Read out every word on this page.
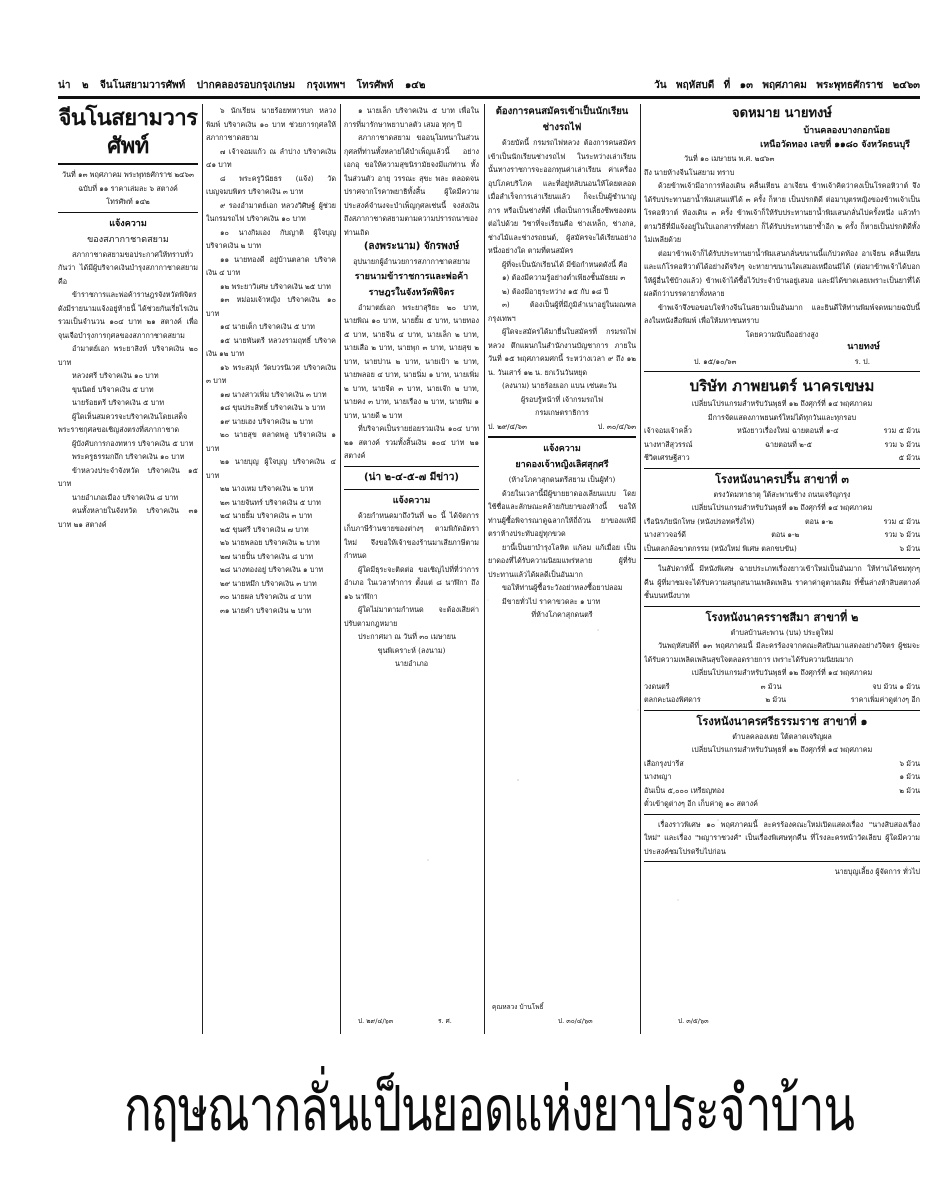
น่า ๒ จีนโนสยามวารศัพท์ ปากคลองรอบกรุงเกษม กรุงเทพฯ โทรศัพท์ ๑๔๒	วัน พฤหัสบดี ที่ ๑๓ พฤศภาคม พระพุทธศักราช ๒๔๖๓
จีนโนสยามวารศัพท์

วันที่ ๑๓ พฤศภาคม พระพุทธศักราช ๒๔๖๓

ฉบับที่ ๑๑ ราคาเล่มละ ๖ สตางค์

โทรศัพท์ ๑๔๒

แจ้งความ
ของสภากาชาดสยาม

สภากาชาดสยามขอประกาศให้ทราบทั่วกันว่า ได้มีผู้บริจาคเงินบำรุงสภากาชาดสยาม คือ

ข้าราชการและพ่อค้าราษฎรจังหวัดพิจิตร ดังมีรายนามแจ้งอยู่ท้ายนี้ ได้ช่วยกันเรี่ยไรเงินรวมเป็นจำนวน ๑๐๔ บาท ๒๑ สตางค์ เพื่อจุนเจือบำรุงการกุศลของสภากาชาดสยาม

อำมาตย์เอก พระยาสิงห์ บริจาคเงิน ๒๐ บาท

หลวงศรี บริจาคเงิน ๑๐ บาท

ขุนนิตย์ บริจาคเงิน ๕ บาท

นายร้อยตรี บริจาคเงิน ๕ บาท

ผู้ใดเห็นสมควรจะบริจาคเงินโดยเสด็จพระราชกุศลขอเชิญส่งตรงที่สภากาชาด

ผู้บังคับการกองทหาร บริจาคเงิน ๕ บาท

พระครูธรรมกถึก บริจาคเงิน ๑๐ บาท

ข้าหลวงประจำจังหวัด บริจาคเงิน ๑๕ บาท

นายอำเภอเมือง บริจาคเงิน ๘ บาท

คนทั้งหลายในจังหวัด บริจาคเงิน ๓๑ บาท ๒๑ สตางค์

๖ นักเรียน นายร้อยทหารบก หลวงพิมพ์ บริจาคเงิน ๑๐ บาท ช่วยการกุศลให้สภากาชาดสยาม

๗ เจ้าจอมแก้ว ณ ลำปาง บริจาคเงิน ๔๑ บาท

๘ พระครูวินัยธร (แจ้ง) วัดเบญจมบพิตร บริจาคเงิน ๓ บาท

๙ รองอำมาตย์เอก หลวงวิศิษฐ์ ผู้ช่วยในกรมรถไฟ บริจาคเงิน ๑๐ บาท

๑๐ นางกิมเอง กับญาติ ผู้ใจบุญ บริจาคเงิน ๒ บาท

๑๑ นายทองดี อยู่บ้านตลาด บริจาคเงิน ๔ บาท

๑๒ พระยาวิเศษ บริจาคเงิน ๒๕ บาท

๑๓ หม่อมเจ้าหญิง บริจาคเงิน ๑๐ บาท

๑๔ นายเต็ก บริจาคเงิน ๕ บาท

๑๕ นายพันตรี หลวงรามฤทธิ์ บริจาคเงิน ๑๒ บาท

๑๖ พระสมุห์ วัดบวรนิเวศ บริจาคเงิน ๓ บาท

๑๗ นางสาวเพิ่ม บริจาคเงิน ๓ บาท

๑๘ ขุนประสิทธิ์ บริจาคเงิน ๖ บาท

๑๙ นายเฮง บริจาคเงิน ๒ บาท

๒๐ นายสุข ตลาดพลู บริจาคเงิน ๑ บาท

๒๑ นายบุญ ผู้ใจบุญ บริจาคเงิน ๔ บาท

๒๒ นางเหม บริจาคเงิน ๒ บาท

๒๓ นายจันทร์ บริจาคเงิน ๕ บาท

๒๔ นายยิ้ม บริจาคเงิน ๓ บาท

๒๕ ขุนศรี บริจาคเงิน ๗ บาท

๒๖ นายพลอย บริจาคเงิน ๒ บาท

๒๗ นายปั้น บริจาคเงิน ๘ บาท

๒๘ นางทองอยู่ บริจาคเงิน ๑ บาท

๒๙ นายหมึก บริจาคเงิน ๓ บาท

๓๐ นายผล บริจาคเงิน ๔ บาท

๓๑ นายคำ บริจาคเงิน ๒ บาท

๑ นายเล็ก บริจาคเงิน ๕ บาท เพื่อในการที่มารักษาพยาบาลตัว เสมอ ทุกๆ ปี

สภากาชาดสยาม ขออนุโมทนาในส่วนกุศลที่ท่านทั้งหลายได้บำเพ็ญแล้วนี้ อย่างเอกอุ ขอให้ความสุขนิรามัยจงมีแก่ท่าน ทั้งในส่วนตัว อายุ วรรณะ สุขะ พละ ตลอดจนปราศจากโรคาพยาธิทั้งสิ้น ผู้ใดมีความประสงค์จำนงจะบำเพ็ญกุศลเช่นนี้ จงส่งเงินถึงสภากาชาดสยามตามความปรารถนาของท่านเถิด

(ลงพระนาม) จักรพงษ์

อุปนายกผู้อำนวยการสภากาชาดสยาม

รายนามข้าราชการและพ่อค้าราษฎรในจังหวัดพิจิตร

อำมาตย์เอก พระยาสุริยะ ๒๐ บาท, นายพิณ ๑๐ บาท, นายยิ้ม ๕ บาท, นายทอง ๕ บาท, นายจีน ๔ บาท, นายเล็ก ๒ บาท, นายเสือ ๒ บาท, นายพุก ๓ บาท, นายสุข ๒ บาท, นายปาน ๒ บาท, นายเป้า ๒ บาท, นายพลอย ๔ บาท, นายนิ่ม ๑ บาท, นายเพิ่ม ๒ บาท, นายจีด ๓ บาท, นายเจ๊ก ๒ บาท, นายคง ๓ บาท, นายเรือง ๒ บาท, นายทิม ๑ บาท, นายดี ๒ บาท

ที่บริจาคเป็นรายย่อยรวมเงิน ๑๐๔ บาท ๒๑ สตางค์ รวมทั้งสิ้นเงิน ๑๐๔ บาท ๒๑ สตางค์

(น่า ๒-๔-๕-๗ มีข่าว)
แจ้งความ

ด้วยกำหนดมาถึงวันที่ ๒๐ นี้ ได้จัดการเก็บภาษีร้านขายของต่างๆ ตามพิกัดอัตราใหม่ จึงขอให้เจ้าของร้านมาเสียภาษีตามกำหนด

ผู้ใดมีธุระจะติดต่อ ขอเชิญไปที่ที่ว่าการอำเภอ ในเวลาทำการ ตั้งแต่ ๘ นาฬิกา ถึง ๑๖ นาฬิกา

ผู้ใดไม่มาตามกำหนด จะต้องเสียค่าปรับตามกฎหมาย

ประกาศมา ณ วันที่ ๓๐ เมษายน

ขุนพิเคราะห์ (ลงนาม)

นายอำเภอ

ต้องการคนสมัครเข้าเป็นนักเรียนช่างรถไฟ

ด้วยบัดนี้ กรมรถไฟหลวง ต้องการคนสมัครเข้าเป็นนักเรียนช่างรถไฟ ในระหว่างเล่าเรียนนั้นทางราชการจะออกทุนค่าเล่าเรียน ค่าเครื่องอุปโภคบริโภค และที่อยู่หลับนอนให้โดยตลอด เมื่อสำเร็จการเล่าเรียนแล้ว ก็จะเป็นผู้ชำนาญการ หรือเป็นช่างที่ดี เพื่อเป็นการเลี้ยงชีพของตนต่อไปด้วย วิชาที่จะเรียนคือ ช่างเหล็ก, ช่างกล, ช่างไม้และช่างรถยนต์, ผู้สมัครจะได้เรียนอย่างหนึ่งอย่างใด ตามที่ตนสมัคร

ผู้ที่จะเป็นนักเรียนได้ มีข้อกำหนดดังนี้ คือ

๑) ต้องมีความรู้อย่างต่ำเพียงชั้นมัธยม ๓

๒) ต้องมีอายุระหว่าง ๑๕ กับ ๑๘ ปี

๓) ต้องเป็นผู้ที่มีภูมิลำเนาอยู่ในมณฑลกรุงเทพฯ

ผู้ใดจะสมัครได้มายื่นใบสมัครที่ กรมรถไฟหลวง ตึกแผนกในสำนักงานบัญชาการ ภายในวันที่ ๑๕ พฤศภาคมศกนี้ ระหว่างเวลา ๙ ถึง ๑๒ น. วันเสาร์ ๑๒ น. ยกเว้นวันหยุด

(ลงนาม) นายร้อยเอก แบน เซ่นตะวัน

ผู้รอบรู้หน้าที่ เจ้ากรมรถไฟ

กรมเกษตราธิการ

ป. ๒๙/๔/๖๓	ป. ๓๐/๔/๖๓
แจ้งความ
ยาดองเจ้าหญิงเลิศสุกศรี

(ห้างโภคาสุกดนตรีสยาม เป็นผู้ทำ)

ด้วยในเวลานี้มีผู้ขายยาดองเลียนแบบ โดยใช้ชื่อและลักษณะคล้ายกับยาของห้างนี้ ขอให้ท่านผู้ซื้อพิจารณาดูฉลากให้ถี่ถ้วน ยาของแท้มีตราห้างประทับอยู่ทุกขวด

ยานี้เป็นยาบำรุงโลหิต แก้ลม แก้เมื่อย เป็นยาดองที่ได้รับความนิยมแพร่หลาย ผู้ที่รับประทานแล้วได้ผลดีเป็นอันมาก

ขอให้ท่านผู้ซื้อระวังอย่าหลงซื้อยาปลอม

มีขายทั่วไป ราคาขวดละ ๑ บาท

ที่ห้างโภคาสุกดนตรี

จดหมาย นายทงษ์
บ้านคลองบางกอกน้อย
เหนือวัดทอง เลขที่ ๑๑๘๐ จังหวัดธนบุรี

วันที่ ๑๐ เมษายน พ.ศ. ๒๔๖๓

ถึง นายห้างจีนโนสยาม ทราบ

ด้วยข้าพเจ้ามีอาการท้องเดิน คลื่นเหียน อาเจียน ข้าพเจ้าคิดว่าคงเป็นโรคอหิวาต์ จึงได้รับประทานยาน้ำพิมเสนแท้ได้ ๓ ครั้ง ก็หาย เป็นปรกติดี ต่อมาบุตรหญิงของข้าพเจ้าเป็นโรคอหิวาต์ ท้องเดิน ๓ ครั้ง ข้าพเจ้าก็ให้รับประทานยาน้ำพิมเสนกลั่นไปครั้งหนึ่ง แล้วทำตามวิธีที่มีแจ้งอยู่ในใบเอกสารที่ห่อยา ก็ได้รับประทานยาซ้ำอีก ๒ ครั้ง ก็หายเป็นปรกติดีทั้งไม่เพลียด้วย

ต่อมาข้าพเจ้าก็ได้รับประทานยาน้ำพิมเสนกลั่นขนานนี้แก้ปวดท้อง อาเจียน คลื่นเหียน และแก้โรคอหิวาต์ได้อย่างดีจริงๆ จะหายาขนานใดเสมอเหมือนมิได้ (ต่อมาข้าพเจ้าได้บอกให้ผู้อื่นใช้บ้างแล้ว) ข้าพเจ้าได้ซื้อไว้ประจำบ้านอยู่เสมอ และมิได้ขาดเลยเพราะเป็นยาที่ได้ผลดีกว่าบรรดายาทั้งหลาย

ข้าพเจ้าจึงขอขอบใจห้างจีนโนสยามเป็นอันมาก และยินดีให้ท่านพิมพ์จดหมายฉบับนี้ลงในหนังสือพิมพ์ เพื่อให้มหาชนทราบ

โดยความนับถืออย่างสูง

นายทงษ์
ป. ๑๕/๑๐/๖๓	ร. ป.
บริษัท ภาพยนตร์ นาครเขษม

เปลี่ยนโปรแกรมสำหรับวันพุธที่ ๑๒ ถึงศุกร์ที่ ๑๔ พฤศภาคม

มีการจัดแสดงภาพยนตร์ใหม่ได้ทุกวันและทุกรอบ

เจ้าจอมเจ้าคลิ้ว	หนังยาวเรื่องใหม่ ฉายตอนที่ ๑-๔	รวม ๕ ม้วน
นางทาสีสุวรรณ์	ฉายตอนที่ ๒-๕	รวม ๖ ม้วน
ชีวิตเศรษฐีสาว	๕ ม้วน
โรงหนังนาครปริ้น สาขาที่ ๓

ตรงวัดมหาธาตุ ใต้สะพานช้าง ถนนเจริญกรุง

เปลี่ยนโปรแกรมสำหรับวันพุธที่ ๑๒ ถึงศุกร์ที่ ๑๔ พฤศภาคม

เรือนิรภัยนักโทษ (หนังปรอทครึ่งไฟ)	ตอน ๑-๒	รวม ๔ ม้วน
นางสาวจอร์ดี	ตอน ๑-๒	รวม ๖ ม้วน
เป็นตลกล้อฆาตกรรม (หนังใหม่ พิเศษ ตลกขบขัน)	๖ ม้วน

ในสัปดาห์นี้ มีหนังพิเศษ ฉายประเภทเรื่องยาวเข้าใหม่เป็นอันมาก ให้ท่านได้ชมทุกๆ คืน ผู้ที่มาชมจะได้รับความสนุกสนานเพลิดเพลิน ราคาค่าดูตามเดิม ที่ชั้นล่างห้าสิบสตางค์ ชั้นบนหนึ่งบาท

โรงหนังนาครราชสีมา สาขาที่ ๒

ตำบลบ้านสะพาน (บน) ประตูใหม่

วันพฤหัสบดีที่ ๑๓ พฤศภาคมนี้ มีละครร้องจากคณะศิลปินมาแสดงอย่างวิจิตร ผู้ชมจะได้รับความเพลิดเพลินสุขใจตลอดรายการ เพราะได้รับความนิยมมาก

เปลี่ยนโปรแกรมสำหรับวันพุธที่ ๑๒ ถึงศุกร์ที่ ๑๔ พฤศภาคม

วงดนตรี	๓ ม้วน	จบ ม้วน ๑ ม้วน
ตลกคะนองพิศดาร	๒ ม้วน	ราคาเพิ่มค่าดูต่างๆ อีก
โรงหนังนาครศรีธรรมราช สาขาที่ ๑

ตำบลคลองเตย ใต้ตลาดเจริญผล

เปลี่ยนโปรแกรมสำหรับวันพุธที่ ๑๒ ถึงศุกร์ที่ ๑๔ พฤศภาคม

เสือกรุงปารีส	๖ ม้วน
นางพญา	๑ ม้วน
อันเป็น ๕,๐๐๐ เหรียญทอง	๒ ม้วน

ตั๋วเข้าดูต่างๆ อีก เก็บค่าดู ๑๐ สตางค์

เรื่องราวพิเศษ ๑๐ พฤศภาคมนี้ ละครร้องคณะใหม่เปิดแสดงเรื่อง "นางสิบสองเรื่องใหม่" และเรื่อง "พญาราชวงศ์" เป็นเรื่องพิเศษทุกคืน ที่โรงละครหน้าวัดเลียบ ผู้ใดมีความประสงค์ชมโปรดรีบไปก่อน

นายบุญเลี้ยง ผู้จัดการ ทั่วไป

ป. ๒๙/๔/๖๓	ร. ศ.
คุณหลวง บ้านโพธิ์
ป. ๓๐/๔/๖๓	ป. ๓/๕/๖๓
กฤษณากลั่นเป็นยอดแห่งยาประจำบ้าน
